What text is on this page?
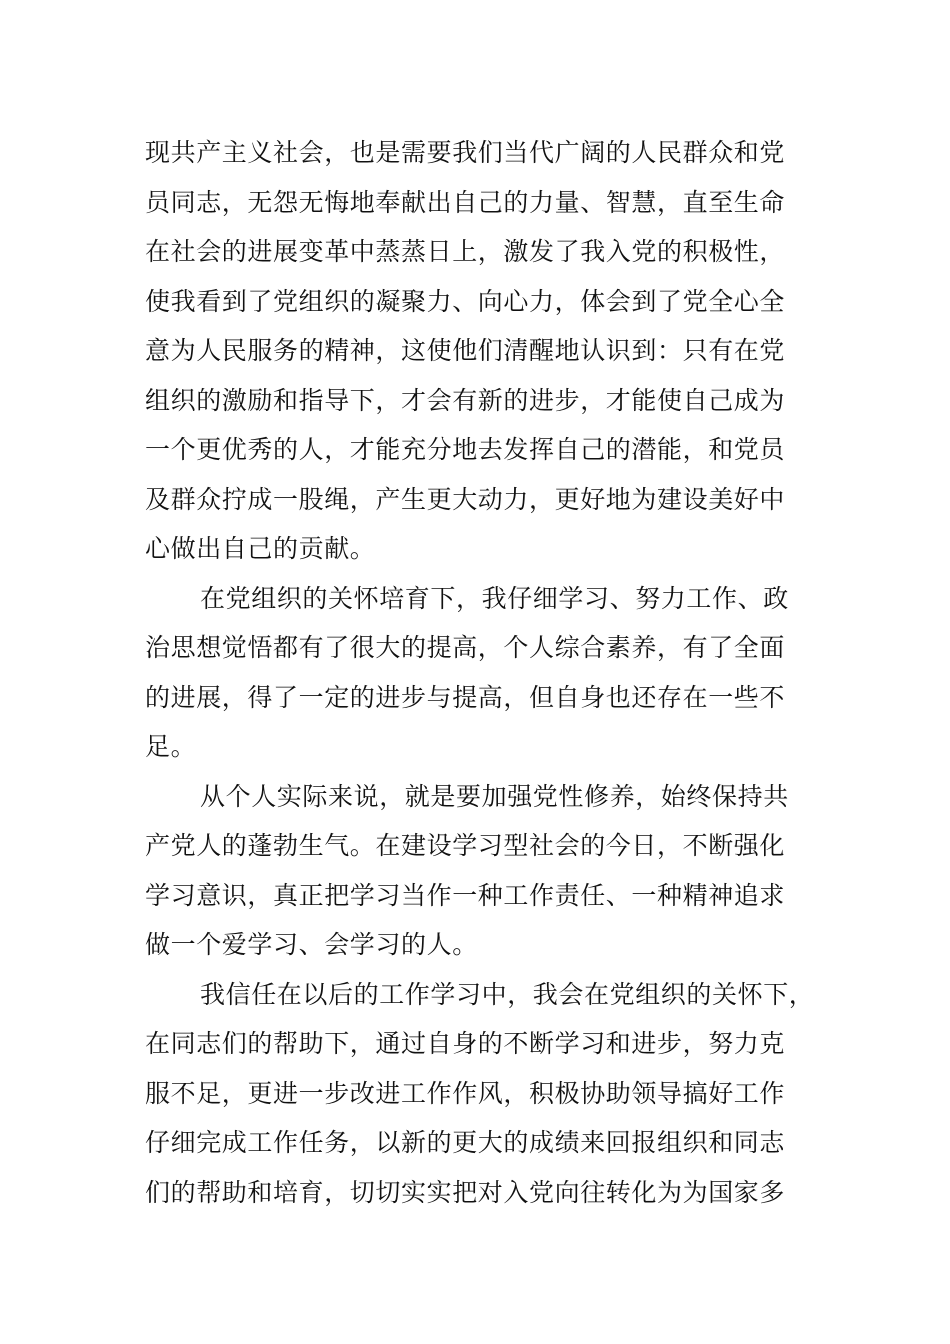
现共产主义社会，也是需要我们当代广阔的人民群众和党
员同志，无怨无悔地奉献出自己的力量、智慧，直至生命
在社会的进展变革中蒸蒸日上，激发了我入党的积极性，
使我看到了党组织的凝聚力、向心力，体会到了党全心全
意为人民服务的精神，这使他们清醒地认识到：只有在党
组织的激励和指导下，才会有新的进步，才能使自己成为
一个更优秀的人，才能充分地去发挥自己的潜能，和党员
及群众拧成一股绳，产生更大动力，更好地为建设美好中
心做出自己的贡献。
在党组织的关怀培育下，我仔细学习、努力工作、政
治思想觉悟都有了很大的提高，个人综合素养，有了全面
的进展，得了一定的进步与提高，但自身也还存在一些不
足。
从个人实际来说，就是要加强党性修养，始终保持共
产党人的蓬勃生气。在建设学习型社会的今日，不断强化
学习意识，真正把学习当作一种工作责任、一种精神追求
做一个爱学习、会学习的人。
我信任在以后的工作学习中，我会在党组织的关怀下，
在同志们的帮助下，通过自身的不断学习和进步，努力克
服不足，更进一步改进工作作风，积极协助领导搞好工作
仔细完成工作任务，以新的更大的成绩来回报组织和同志
们的帮助和培育，切切实实把对入党向往转化为为国家多
